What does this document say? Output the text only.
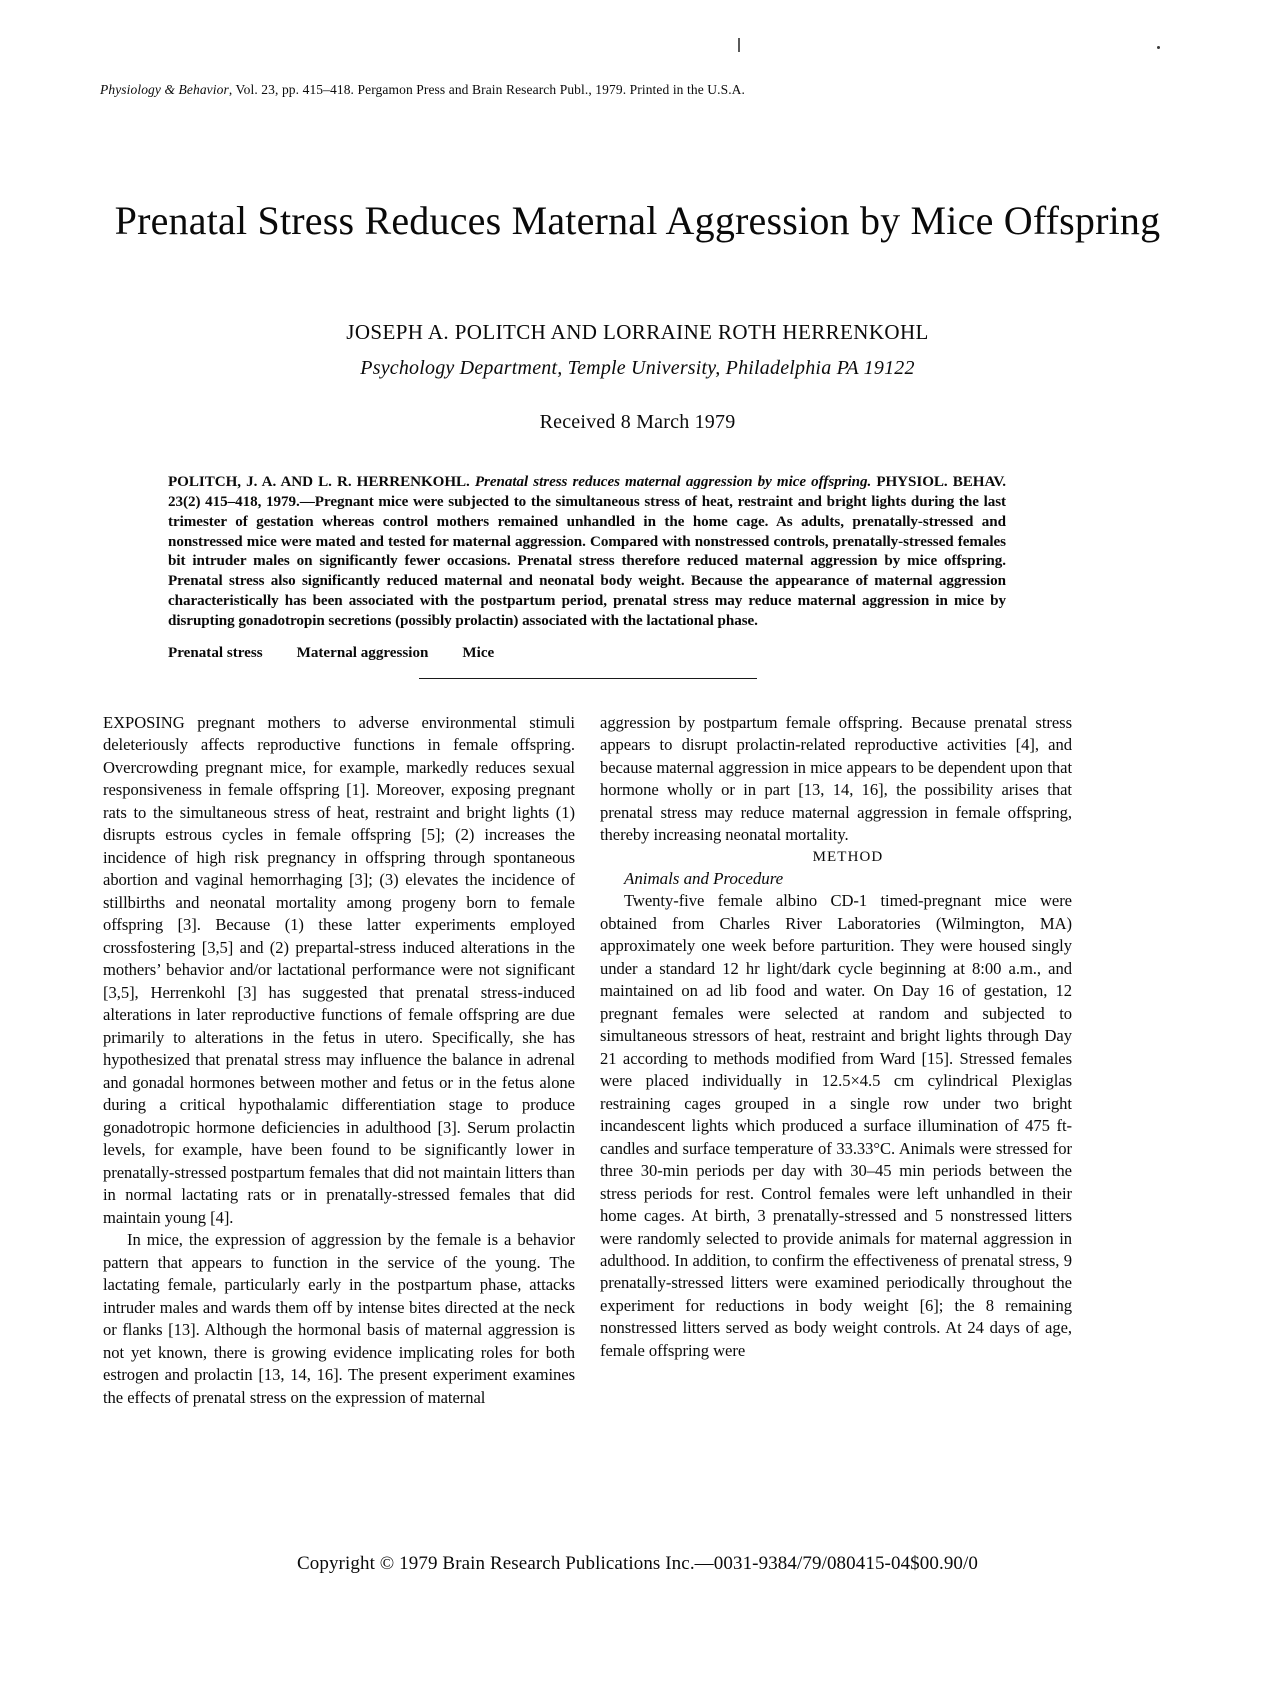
Physiology & Behavior, Vol. 23, pp. 415–418. Pergamon Press and Brain Research Publ., 1979. Printed in the U.S.A.
Prenatal Stress Reduces Maternal Aggression by Mice Offspring
JOSEPH A. POLITCH AND LORRAINE ROTH HERRENKOHL
Psychology Department, Temple University, Philadelphia PA 19122
Received 8 March 1979
POLITCH, J. A. AND L. R. HERRENKOHL. Prenatal stress reduces maternal aggression by mice offspring. PHYSIOL. BEHAV. 23(2) 415–418, 1979.—Pregnant mice were subjected to the simultaneous stress of heat, restraint and bright lights during the last trimester of gestation whereas control mothers remained unhandled in the home cage. As adults, prenatally-stressed and nonstressed mice were mated and tested for maternal aggression. Compared with nonstressed controls, prenatally-stressed females bit intruder males on significantly fewer occasions. Prenatal stress therefore reduced maternal aggression by mice offspring. Prenatal stress also significantly reduced maternal and neonatal body weight. Because the appearance of maternal aggression characteristically has been associated with the postpartum period, prenatal stress may reduce maternal aggression in mice by disrupting gonadotropin secretions (possibly prolactin) associated with the lactational phase.
Prenatal stress Maternal aggression Mice

EXPOSING pregnant mothers to adverse environmental stimuli deleteriously affects reproductive functions in female offspring. Overcrowding pregnant mice, for example, markedly reduces sexual responsiveness in female offspring [1]. Moreover, exposing pregnant rats to the simultaneous stress of heat, restraint and bright lights (1) disrupts estrous cycles in female offspring [5]; (2) increases the incidence of high risk pregnancy in offspring through spontaneous abortion and vaginal hemorrhaging [3]; (3) elevates the incidence of stillbirths and neonatal mortality among progeny born to female offspring [3]. Because (1) these latter experiments employed crossfostering [3,5] and (2) prepartal-stress induced alterations in the mothers’ behavior and/or lactational performance were not significant [3,5], Herrenkohl [3] has suggested that prenatal stress-induced alterations in later reproductive functions of female offspring are due primarily to alterations in the fetus in utero. Specifically, she has hypothesized that prenatal stress may influence the balance in adrenal and gonadal hormones between mother and fetus or in the fetus alone during a critical hypothalamic differentiation stage to produce gonadotropic hormone deficiencies in adulthood [3]. Serum prolactin levels, for example, have been found to be significantly lower in prenatally-stressed postpartum females that did not maintain litters than in normal lactating rats or in prenatally-stressed females that did maintain young [4].

In mice, the expression of aggression by the female is a behavior pattern that appears to function in the service of the young. The lactating female, particularly early in the postpartum phase, attacks intruder males and wards them off by intense bites directed at the neck or flanks [13]. Although the hormonal basis of maternal aggression is not yet known, there is growing evidence implicating roles for both estrogen and prolactin [13, 14, 16]. The present experiment examines the effects of prenatal stress on the expression of maternal

aggression by postpartum female offspring. Because prenatal stress appears to disrupt prolactin-related reproductive activities [4], and because maternal aggression in mice appears to be dependent upon that hormone wholly or in part [13, 14, 16], the possibility arises that prenatal stress may reduce maternal aggression in female offspring, thereby increasing neonatal mortality.

METHOD

Animals and Procedure

Twenty-five female albino CD-1 timed-pregnant mice were obtained from Charles River Laboratories (Wilmington, MA) approximately one week before parturition. They were housed singly under a standard 12 hr light/dark cycle beginning at 8:00 a.m., and maintained on ad lib food and water. On Day 16 of gestation, 12 pregnant females were selected at random and subjected to simultaneous stressors of heat, restraint and bright lights through Day 21 according to methods modified from Ward [15]. Stressed females were placed individually in 12.5×4.5 cm cylindrical Plexiglas restraining cages grouped in a single row under two bright incandescent lights which produced a surface illumination of 475 ft-candles and surface temperature of 33.33°C. Animals were stressed for three 30-min periods per day with 30–45 min periods between the stress periods for rest. Control females were left unhandled in their home cages. At birth, 3 prenatally-stressed and 5 nonstressed litters were randomly selected to provide animals for maternal aggression in adulthood. In addition, to confirm the effectiveness of prenatal stress, 9 prenatally-stressed litters were examined periodically throughout the experiment for reductions in body weight [6]; the 8 remaining nonstressed litters served as body weight controls. At 24 days of age, female offspring were

Copyright © 1979 Brain Research Publications Inc.—0031-9384/79/080415-04$00.90/0
